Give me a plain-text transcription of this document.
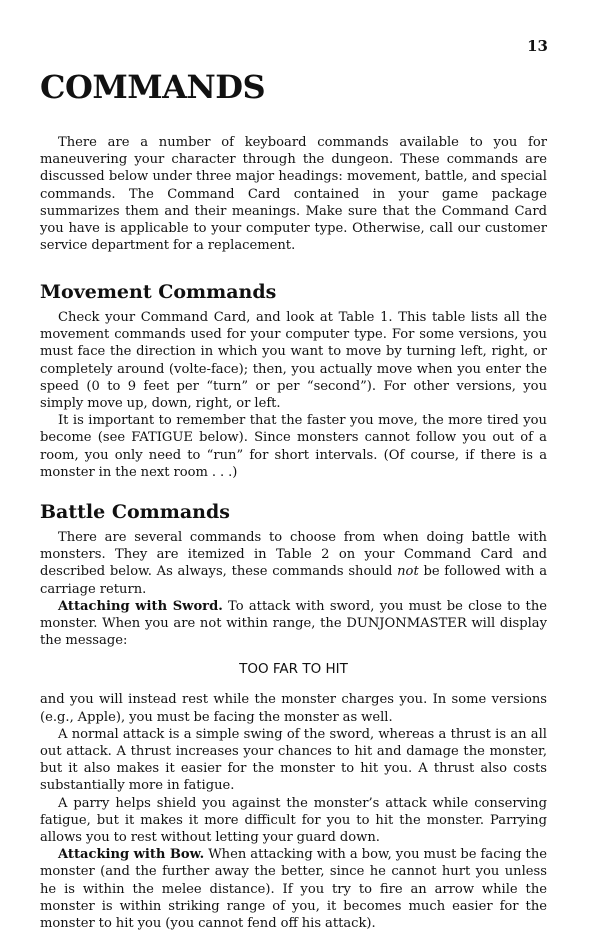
13
COMMANDS

There are a number of keyboard commands available to you for maneuvering your character through the dungeon. These commands are discussed below under three major headings: movement, battle, and special commands. The Command Card contained in your game package summarizes them and their meanings. Make sure that the Command Card you have is applicable to your computer type. Otherwise, call our customer service department for a replacement.

Movement Commands

Check your Command Card, and look at Table 1. This table lists all the movement commands used for your computer type. For some versions, you must face the direction in which you want to move by turning left, right, or completely around (volte-face); then, you actually move when you enter the speed (0 to 9 feet per “turn” or per “second”). For other versions, you simply move up, down, right, or left.

It is important to remember that the faster you move, the more tired you become (see FATIGUE below). Since monsters cannot follow you out of a room, you only need to “run” for short intervals. (Of course, if there is a monster in the next room . . .)

Battle Commands

There are several commands to choose from when doing battle with monsters. They are itemized in Table 2 on your Command Card and described below. As always, these commands should not be followed with a carriage return.

Attaching with Sword. To attack with sword, you must be close to the monster. When you are not within range, the DUNJONMASTER will display the message:

TOO FAR TO HIT

and you will instead rest while the monster charges you. In some versions (e.g., Apple), you must be facing the monster as well.

A normal attack is a simple swing of the sword, whereas a thrust is an all out attack. A thrust increases your chances to hit and damage the monster, but it also makes it easier for the monster to hit you. A thrust also costs substantially more in fatigue.

A parry helps shield you against the monster’s attack while conserving fatigue, but it makes it more difficult for you to hit the monster. Parrying allows you to rest without letting your guard down.

Attacking with Bow. When attacking with a bow, you must be facing the monster (and the further away the better, since he cannot hurt you unless he is within the melee distance). If you try to fire an arrow while the monster is within striking range of you, it becomes much easier for the monster to hit you (you cannot fend off his attack).
